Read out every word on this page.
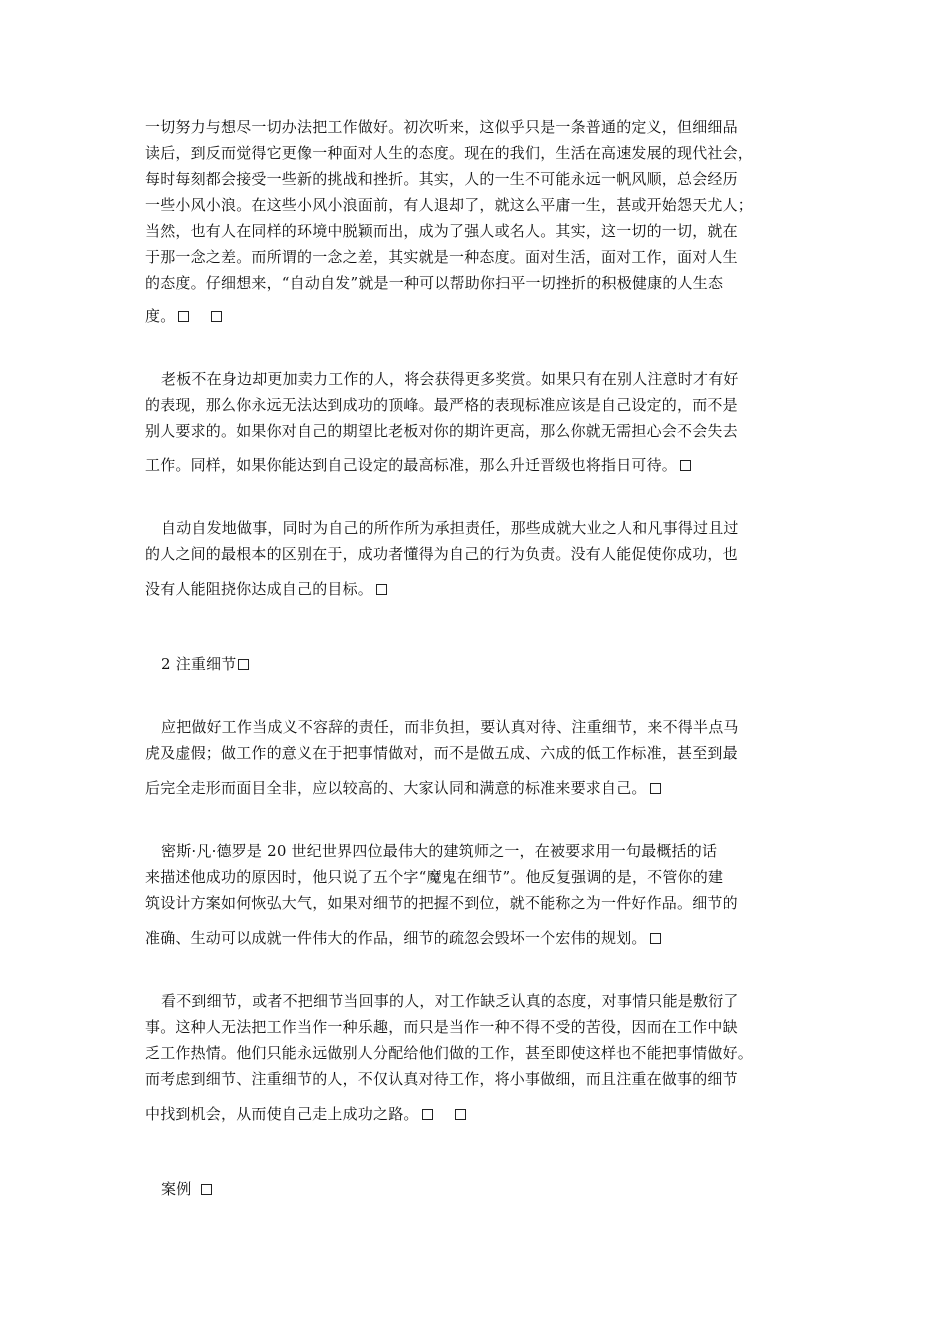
一切努力与想尽一切办法把工作做好。初次听来，这似乎只是一条普通的定义，但细细品
读后，到反而觉得它更像一种面对人生的态度。现在的我们，生活在高速发展的现代社会，
每时每刻都会接受一些新的挑战和挫折。其实，人的一生不可能永远一帆风顺，总会经历
一些小风小浪。在这些小风小浪面前，有人退却了，就这么平庸一生，甚或开始怨天尤人；
当然，也有人在同样的环境中脱颖而出，成为了强人或名人。其实，这一切的一切，就在
于那一念之差。而所谓的一念之差，其实就是一种态度。面对生活，面对工作，面对人生
的态度。仔细想来，“自动自发”就是一种可以帮助你扫平一切挫折的积极健康的人生态
度。
老板不在身边却更加卖力工作的人，将会获得更多奖赏。如果只有在别人注意时才有好
的表现，那么你永远无法达到成功的顶峰。最严格的表现标准应该是自己设定的，而不是
别人要求的。如果你对自己的期望比老板对你的期许更高，那么你就无需担心会不会失去
工作。同样，如果你能达到自己设定的最高标准，那么升迁晋级也将指日可待。
自动自发地做事，同时为自己的所作所为承担责任，那些成就大业之人和凡事得过且过
的人之间的最根本的区别在于，成功者懂得为自己的行为负责。没有人能促使你成功，也
没有人能阻挠你达成自己的目标。
2 注重细节
应把做好工作当成义不容辞的责任，而非负担，要认真对待、注重细节，来不得半点马
虎及虚假；做工作的意义在于把事情做对，而不是做五成、六成的低工作标准，甚至到最
后完全走形而面目全非，应以较高的、大家认同和满意的标准来要求自己。
密斯·凡·德罗是 20 世纪世界四位最伟大的建筑师之一，在被要求用一句最概括的话
来描述他成功的原因时，他只说了五个字“魔鬼在细节”。他反复强调的是，不管你的建
筑设计方案如何恢弘大气，如果对细节的把握不到位，就不能称之为一件好作品。细节的
准确、生动可以成就一件伟大的作品，细节的疏忽会毁坏一个宏伟的规划。
看不到细节，或者不把细节当回事的人，对工作缺乏认真的态度，对事情只能是敷衍了
事。这种人无法把工作当作一种乐趣，而只是当作一种不得不受的苦役，因而在工作中缺
乏工作热情。他们只能永远做别人分配给他们做的工作，甚至即使这样也不能把事情做好。
而考虑到细节、注重细节的人，不仅认真对待工作，将小事做细，而且注重在做事的细节
中找到机会，从而使自己走上成功之路。
案例
